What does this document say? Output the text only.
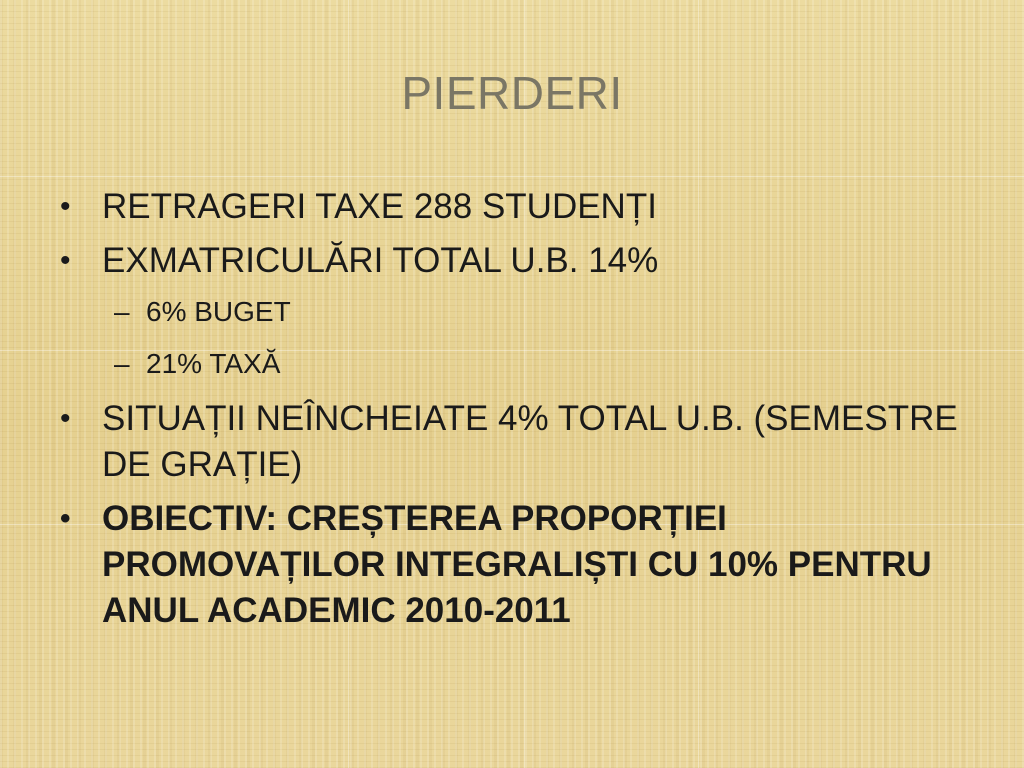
PIERDERI
• RETRAGERI TAXE 288 STUDENȚI
• EXMATRICULĂRI TOTAL U.B. 14%
– 6% BUGET
– 21% TAXĂ
• SITUAȚII NEÎNCHEIATE 4% TOTAL U.B. (SEMESTRE DE GRAȚIE)
• OBIECTIV: CREȘTEREA PROPORȚIEI PROMOVAȚILOR INTEGRALIȘTI CU 10% PENTRU ANUL ACADEMIC 2010-2011
